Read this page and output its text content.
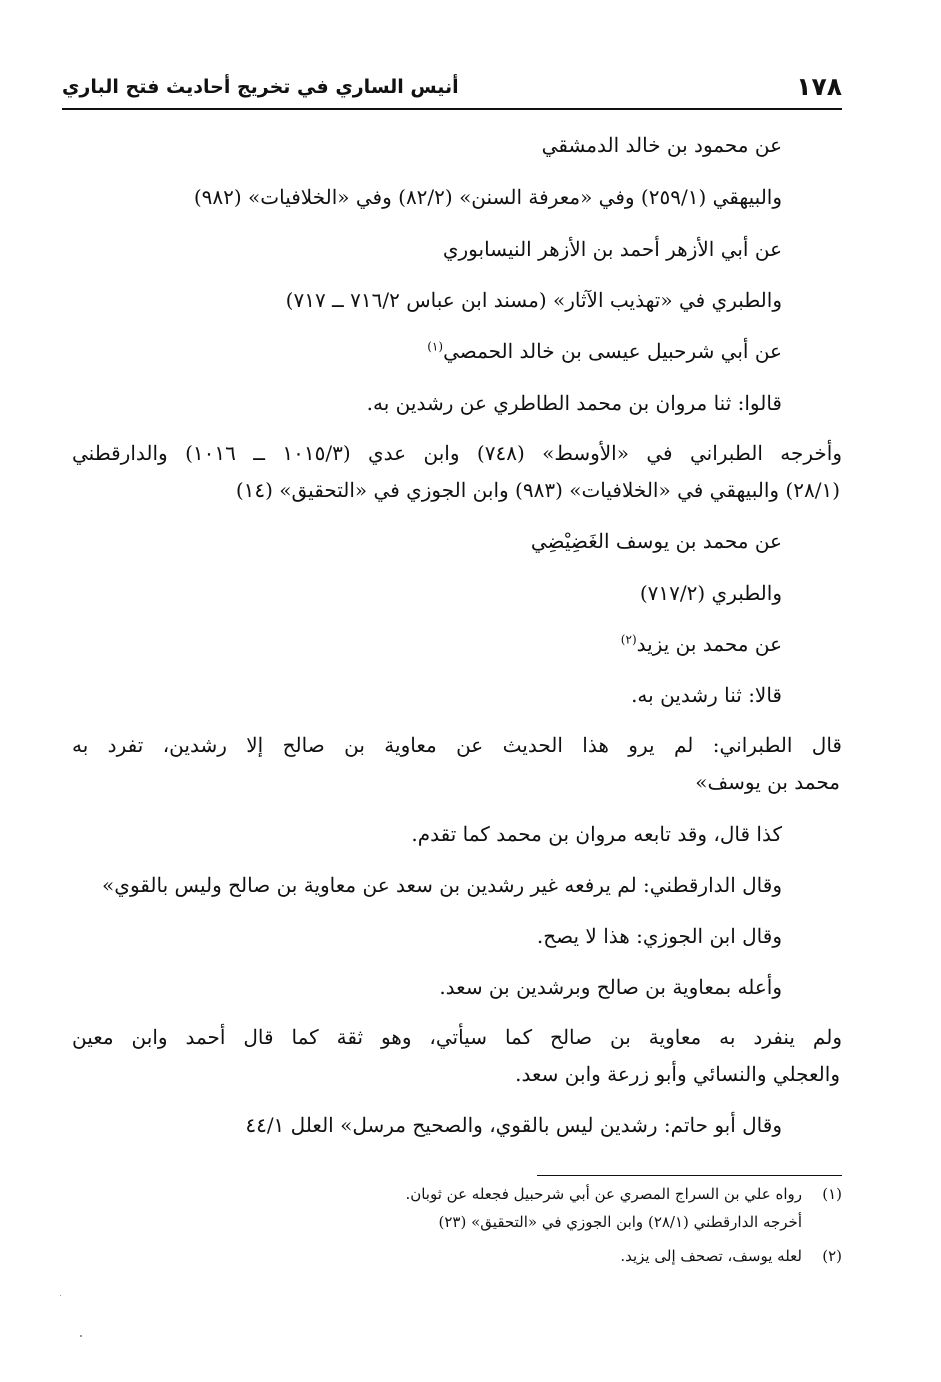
١٧٨
أنيس الساري في تخريج أحاديث فتح الباري
عن محمود بن خالد الدمشقي
والبيهقي (٢٥٩/١) وفي «معرفة السنن» (٨٢/٢) وفي «الخلافيات» (٩٨٢)
عن أبي الأزهر أحمد بن الأزهر النيسابوري
والطبري في «تهذيب الآثار» (مسند ابن عباس ٧١٦/٢ ــ ٧١٧)
عن أبي شرحبيل عيسى بن خالد الحمصي$^{(١)}$
قالوا: ثنا مروان بن محمد الطاطري عن رشدين به.
وأخرجه الطبراني في «الأوسط» (٧٤٨) وابن عدي (١٠١٥/٣ ــ ١٠١٦) والدارقطني
(٢٨/١) والبيهقي في «الخلافيات» (٩٨٣) وابن الجوزي في «التحقيق» (١٤)
عن محمد بن يوسف الغَضِيْضِي
والطبري (٧١٧/٢)
عن محمد بن يزيد$^{(٢)}$
قالا: ثنا رشدين به.
قال الطبراني: لم يرو هذا الحديث عن معاوية بن صالح إلا رشدين، تفرد به
محمد بن يوسف»
كذا قال، وقد تابعه مروان بن محمد كما تقدم.
وقال الدارقطني: لم يرفعه غير رشدين بن سعد عن معاوية بن صالح وليس بالقوي»
وقال ابن الجوزي: هذا لا يصح.
وأعله بمعاوية بن صالح وبرشدين بن سعد.
ولم ينفرد به معاوية بن صالح كما سيأتي، وهو ثقة كما قال أحمد وابن معين
والعجلي والنسائي وأبو زرعة وابن سعد.
وقال أبو حاتم: رشدين ليس بالقوي، والصحيح مرسل» العلل ٤٤/١
(١)رواه علي بن السراج المصري عن أبي شرحبيل فجعله عن ثوبان.
أخرجه الدارقطني (٢٨/١) وابن الجوزي في «التحقيق» (٢٣)
(٢)لعله يوسف، تصحف إلى يزيد.
